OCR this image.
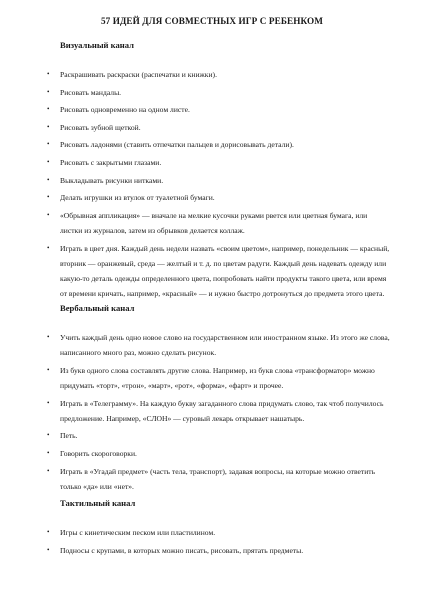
57 ИДЕЙ ДЛЯ СОВМЕСТНЫХ ИГР С РЕБЕНКОМ
Визуальный канал
• Раскрашивать раскраски (распечатки и книжки).
• Рисовать мандалы.
• Рисовать одновременно на одном листе.
• Рисовать зубной щеткой.
• Рисовать ладонями (ставить отпечатки пальцев и дорисовывать детали).
• Рисовать с закрытыми глазами.
• Выкладывать рисунки нитками.
• Делать игрушки из втулок от туалетной бумаги.
• «Обрывная аппликация» — вначале на мелкие кусочки руками рвется или цветная бумага, или листки из журналов, затем из обрывков делается коллаж.
• Играть в цвет дня. Каждый день недели назвать «своим цветом», например, понедельник — красный, вторник — оранжевый, среда — желтый и т. д. по цветам радуги. Каждый день надевать одежду или какую-то деталь одежды определенного цвета, попробовать найти продукты такого цвета, или время от времени кричать, например, «красный» — и нужно быстро дотронуться до предмета этого цвета.
Вербальный канал
• Учить каждый день одно новое слово на государственном или иностранном языке. Из этого же слова, написанного много раз, можно сделать рисунок.
• Из букв одного слова составлять другие слова. Например, из букв слова «трансформатор» можно придумать «торт», «трон», «март», «рот», «форма», «фарт» и прочее.
• Играть в «Телеграмму». На каждую букву загаданного слова придумать слово, так чтоб получилось предложение. Например, «СЛОН» — суровый лекарь открывает нашатырь.
• Петь.
• Говорить скороговорки.
• Играть в «Угадай предмет» (часть тела, транспорт), задавая вопросы, на которые можно ответить только «да» или «нет».
Тактильный канал
• Игры с кинетическим песком или пластилином.
• Подносы с крупами, в которых можно писать, рисовать, прятать предметы.
